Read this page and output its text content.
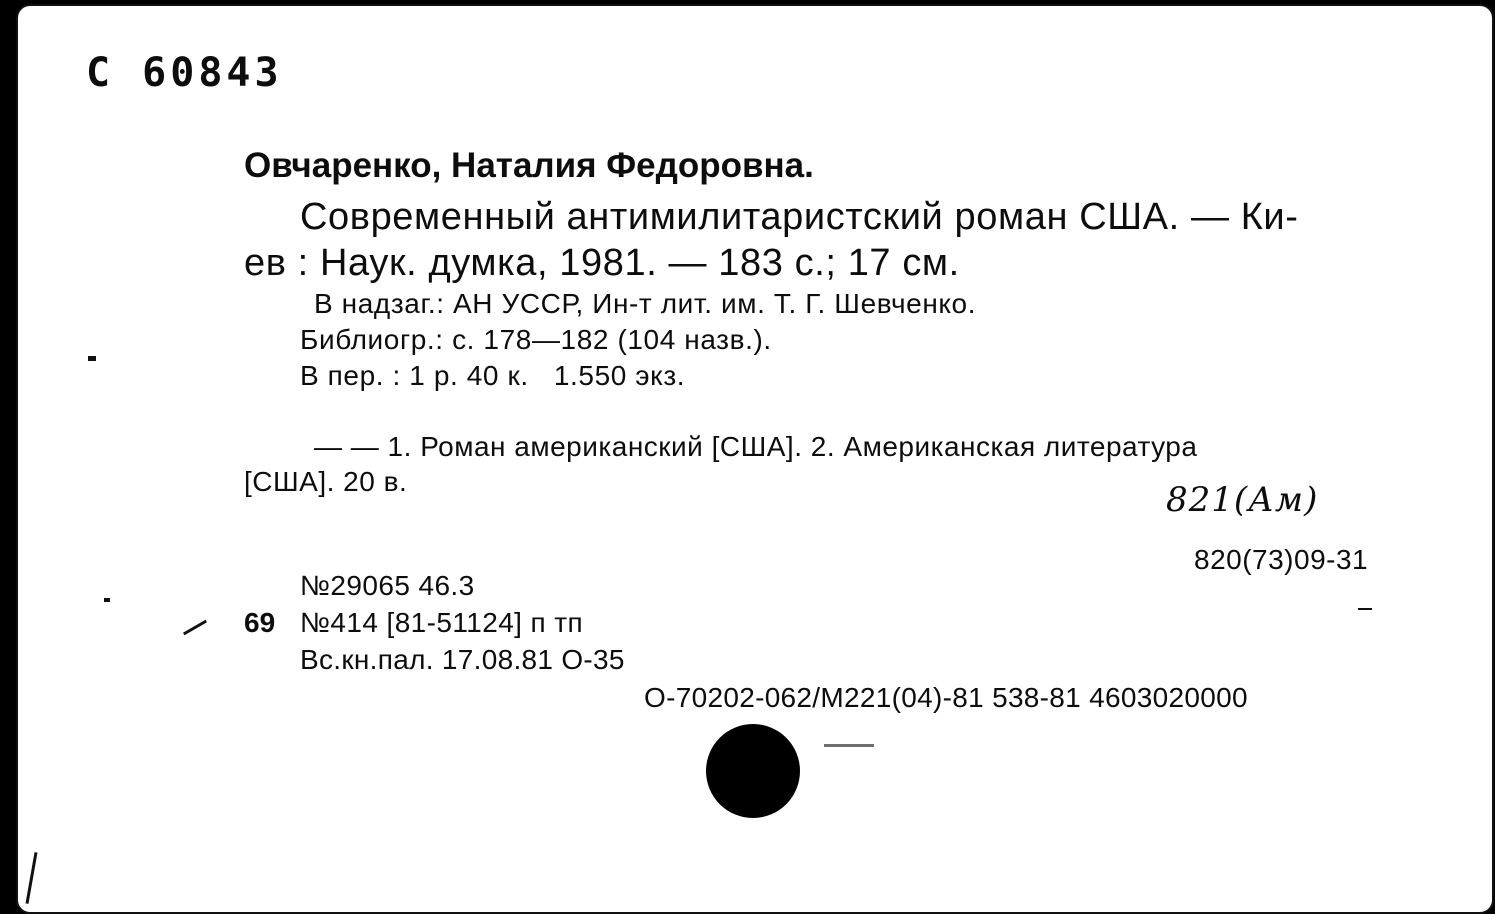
С 60843
Овчаренко, Наталия Федоровна.
Современный антимилитаристский роман США. — Ки-
ев : Наук. думка, 1981. — 183 с.; 17 см.
В надзаг.: АН УССР, Ин-т лит. им. Т. Г. Шевченко.
Библиогр.: с. 178—182 (104 назв.).
В пер. : 1 р. 40 к.   1.550 экз.
— — 1. Роман американский [США]. 2. Американская литература
[США]. 20 в.	821(Ам)
820(73)09-31
№29065 46.3
69 №414 [81-51124] п тп
Вс.кн.пал. 17.08.81 О-35
О-70202-062/М221(04)-81 538-81 4603020000
